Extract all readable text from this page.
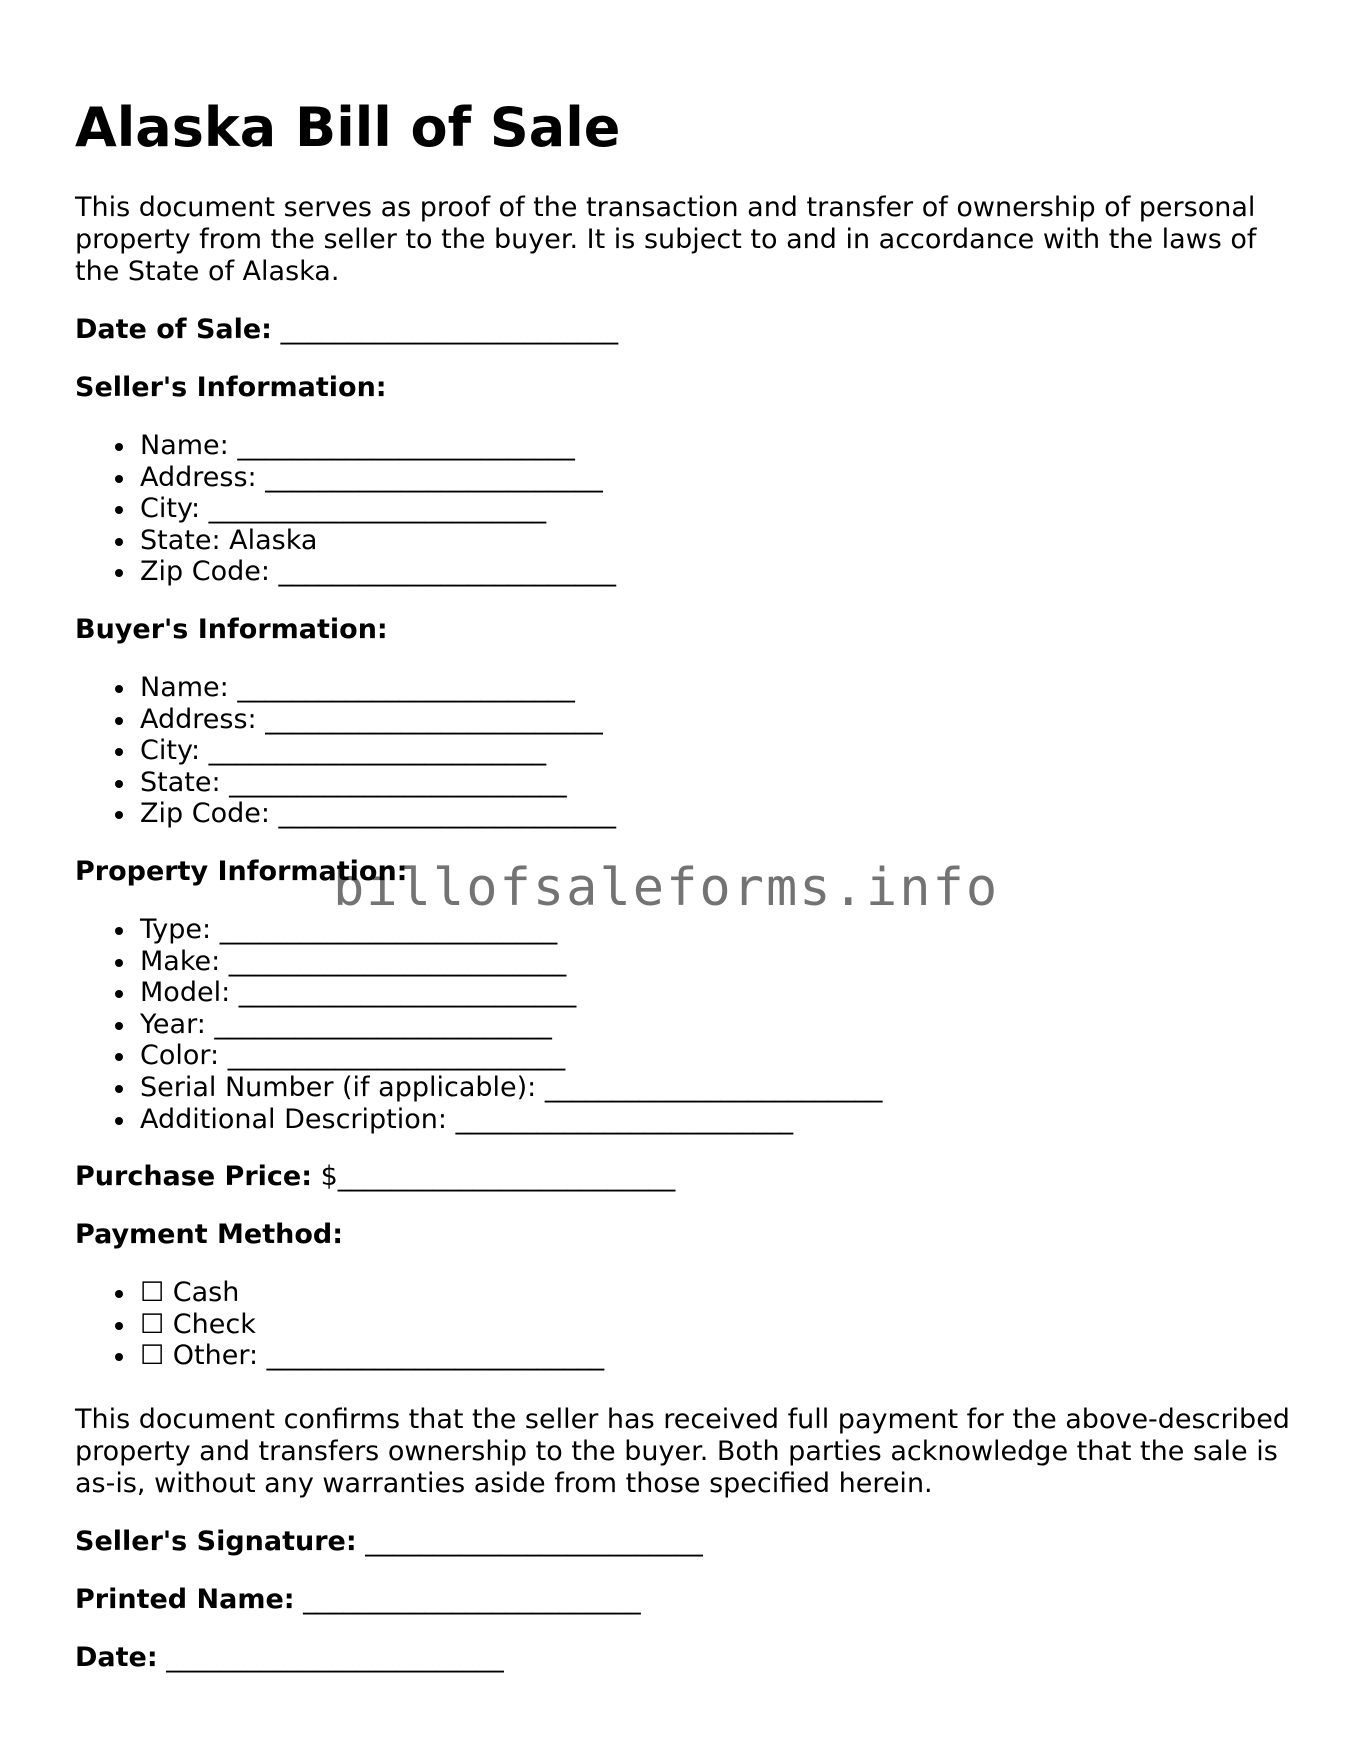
Alaska Bill of Sale

This document serves as proof of the transaction and transfer of ownership of personal property from the seller to the buyer. It is subject to and in accordance with the laws of the State of Alaska.

Date of Sale: _________________________
Seller's Information:
Name: _________________________
Address: _________________________
City: _________________________
State: Alaska
Zip Code: _________________________
Buyer's Information:
Name: _________________________
Address: _________________________
City: _________________________
State: _________________________
Zip Code: _________________________
Property Information:
Type: _________________________
Make: _________________________
Model: _________________________
Year: _________________________
Color: _________________________
Serial Number (if applicable): _________________________
Additional Description: _________________________
Purchase Price: $_________________________
Payment Method:
☐ Cash
☐ Check
☐ Other: _________________________

This document confirms that the seller has received full payment for the above-described property and transfers ownership to the buyer. Both parties acknowledge that the sale is as-is, without any warranties aside from those specified herein.

Seller's Signature: _________________________
Printed Name: _________________________
Date: _________________________
billofsaleforms.info
